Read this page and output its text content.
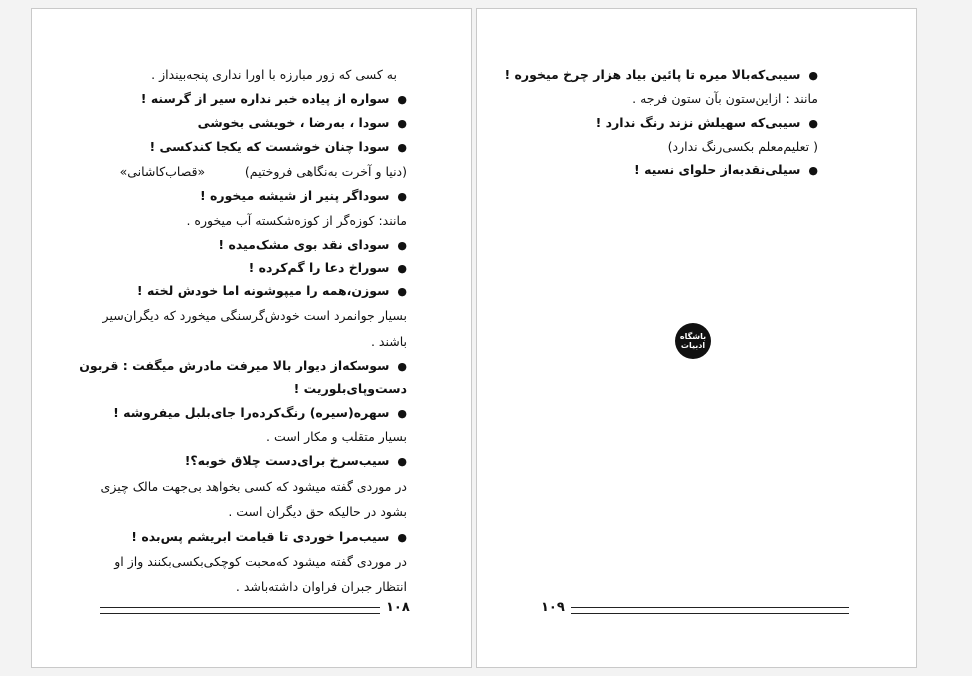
به کسی که زور مبارزه با اورا نداری پنجه‌بینداز .
● سواره از پیاده خبر نداره سیر از گرسنه !
● سودا ، به‌رضا ، خویشی بخوشی
● سودا چنان خوشست که یکجا کندکسی !
(دنیا و آخرت به‌نگاهی فروختیم)          «قصاب‌کاشانی»
● سوداگر پنیر از شیشه میخوره !
مانند: کوزه‌گر از کوزه‌شکسته آب میخوره .
● سودای نقد بوی مشک‌میده !
● سوراخ دعا را گم‌کرده !
● سوزن،همه را میپوشونه اما خودش لخته !
بسیار جوانمرد است خودش‌گرسنگی میخورد که دیگران‌سیر
باشند .
● سوسکه‌از دیوار بالا میرفت مادرش میگفت : قربون
دست‌و‌پای‌بلوریت !
● سهره(سیره) رنگ‌کرده‌را جای‌بلبل میفروشه !
بسیار متقلب و مکار است .
● سیب‌سرخ برای‌دست چلاق خوبه؟!
در موردی گفته میشود که کسی بخواهد بی‌جهت مالک چیزی
بشود در حالیکه حق دیگران است .
● سیب‌مرا خوردی تا قیامت ابریشم پس‌بده !
در موردی گفته میشود که‌محبت کوچکی‌بکسی‌بکنند واز او
انتظار جبران فراوان داشته‌باشد .
۱۰۸
● سیبی‌که‌بالا میره تا پائین بیاد هزار چرخ میخوره !
مانند : ازاین‌ستون بآن ستون فرجه .
● سیبی‌که سهیلش نزند رنگ ندارد !
( تعلیم‌معلم بکسی‌رنگ ندارد)
● سیلی‌نقدبه‌از حلوای نسیه !
باشگاه
ادبیات
۱۰۹
